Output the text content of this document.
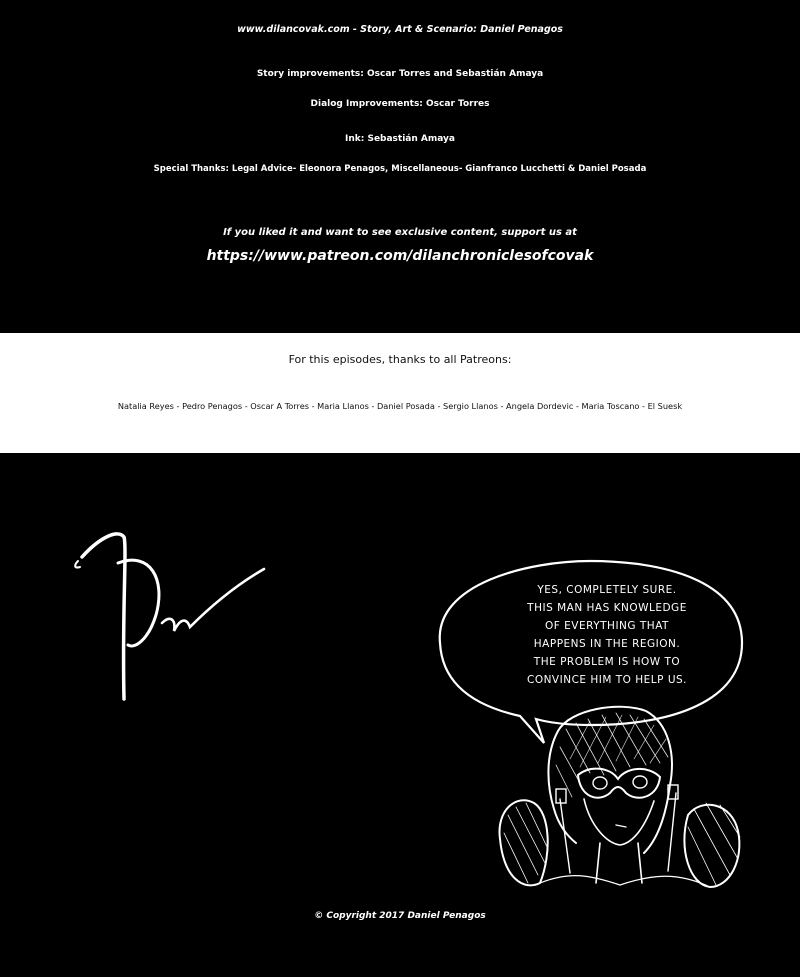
www.dilancovak.com - Story, Art & Scenario: Daniel Penagos
Story improvements: Oscar Torres and Sebastián Amaya
Dialog Improvements: Oscar Torres
Ink: Sebastián Amaya
Special Thanks: Legal Advice- Eleonora Penagos, Miscellaneous- Gianfranco Lucchetti & Daniel Posada
If you liked it and want to see exclusive content, support us at
https://www.patreon.com/dilanchroniclesofcovak
For this episodes, thanks to all Patreons:
Natalia Reyes - Pedro Penagos - Oscar A Torres - Maria Llanos - Daniel Posada - Sergio Llanos - Angela Dordevic - Maria Toscano - El Suesk
YES, COMPLETELY SURE.
THIS MAN HAS KNOWLEDGE
OF EVERYTHING THAT
HAPPENS IN THE REGION.
THE PROBLEM IS HOW TO
CONVINCE HIM TO HELP US.
© Copyright 2017 Daniel Penagos
